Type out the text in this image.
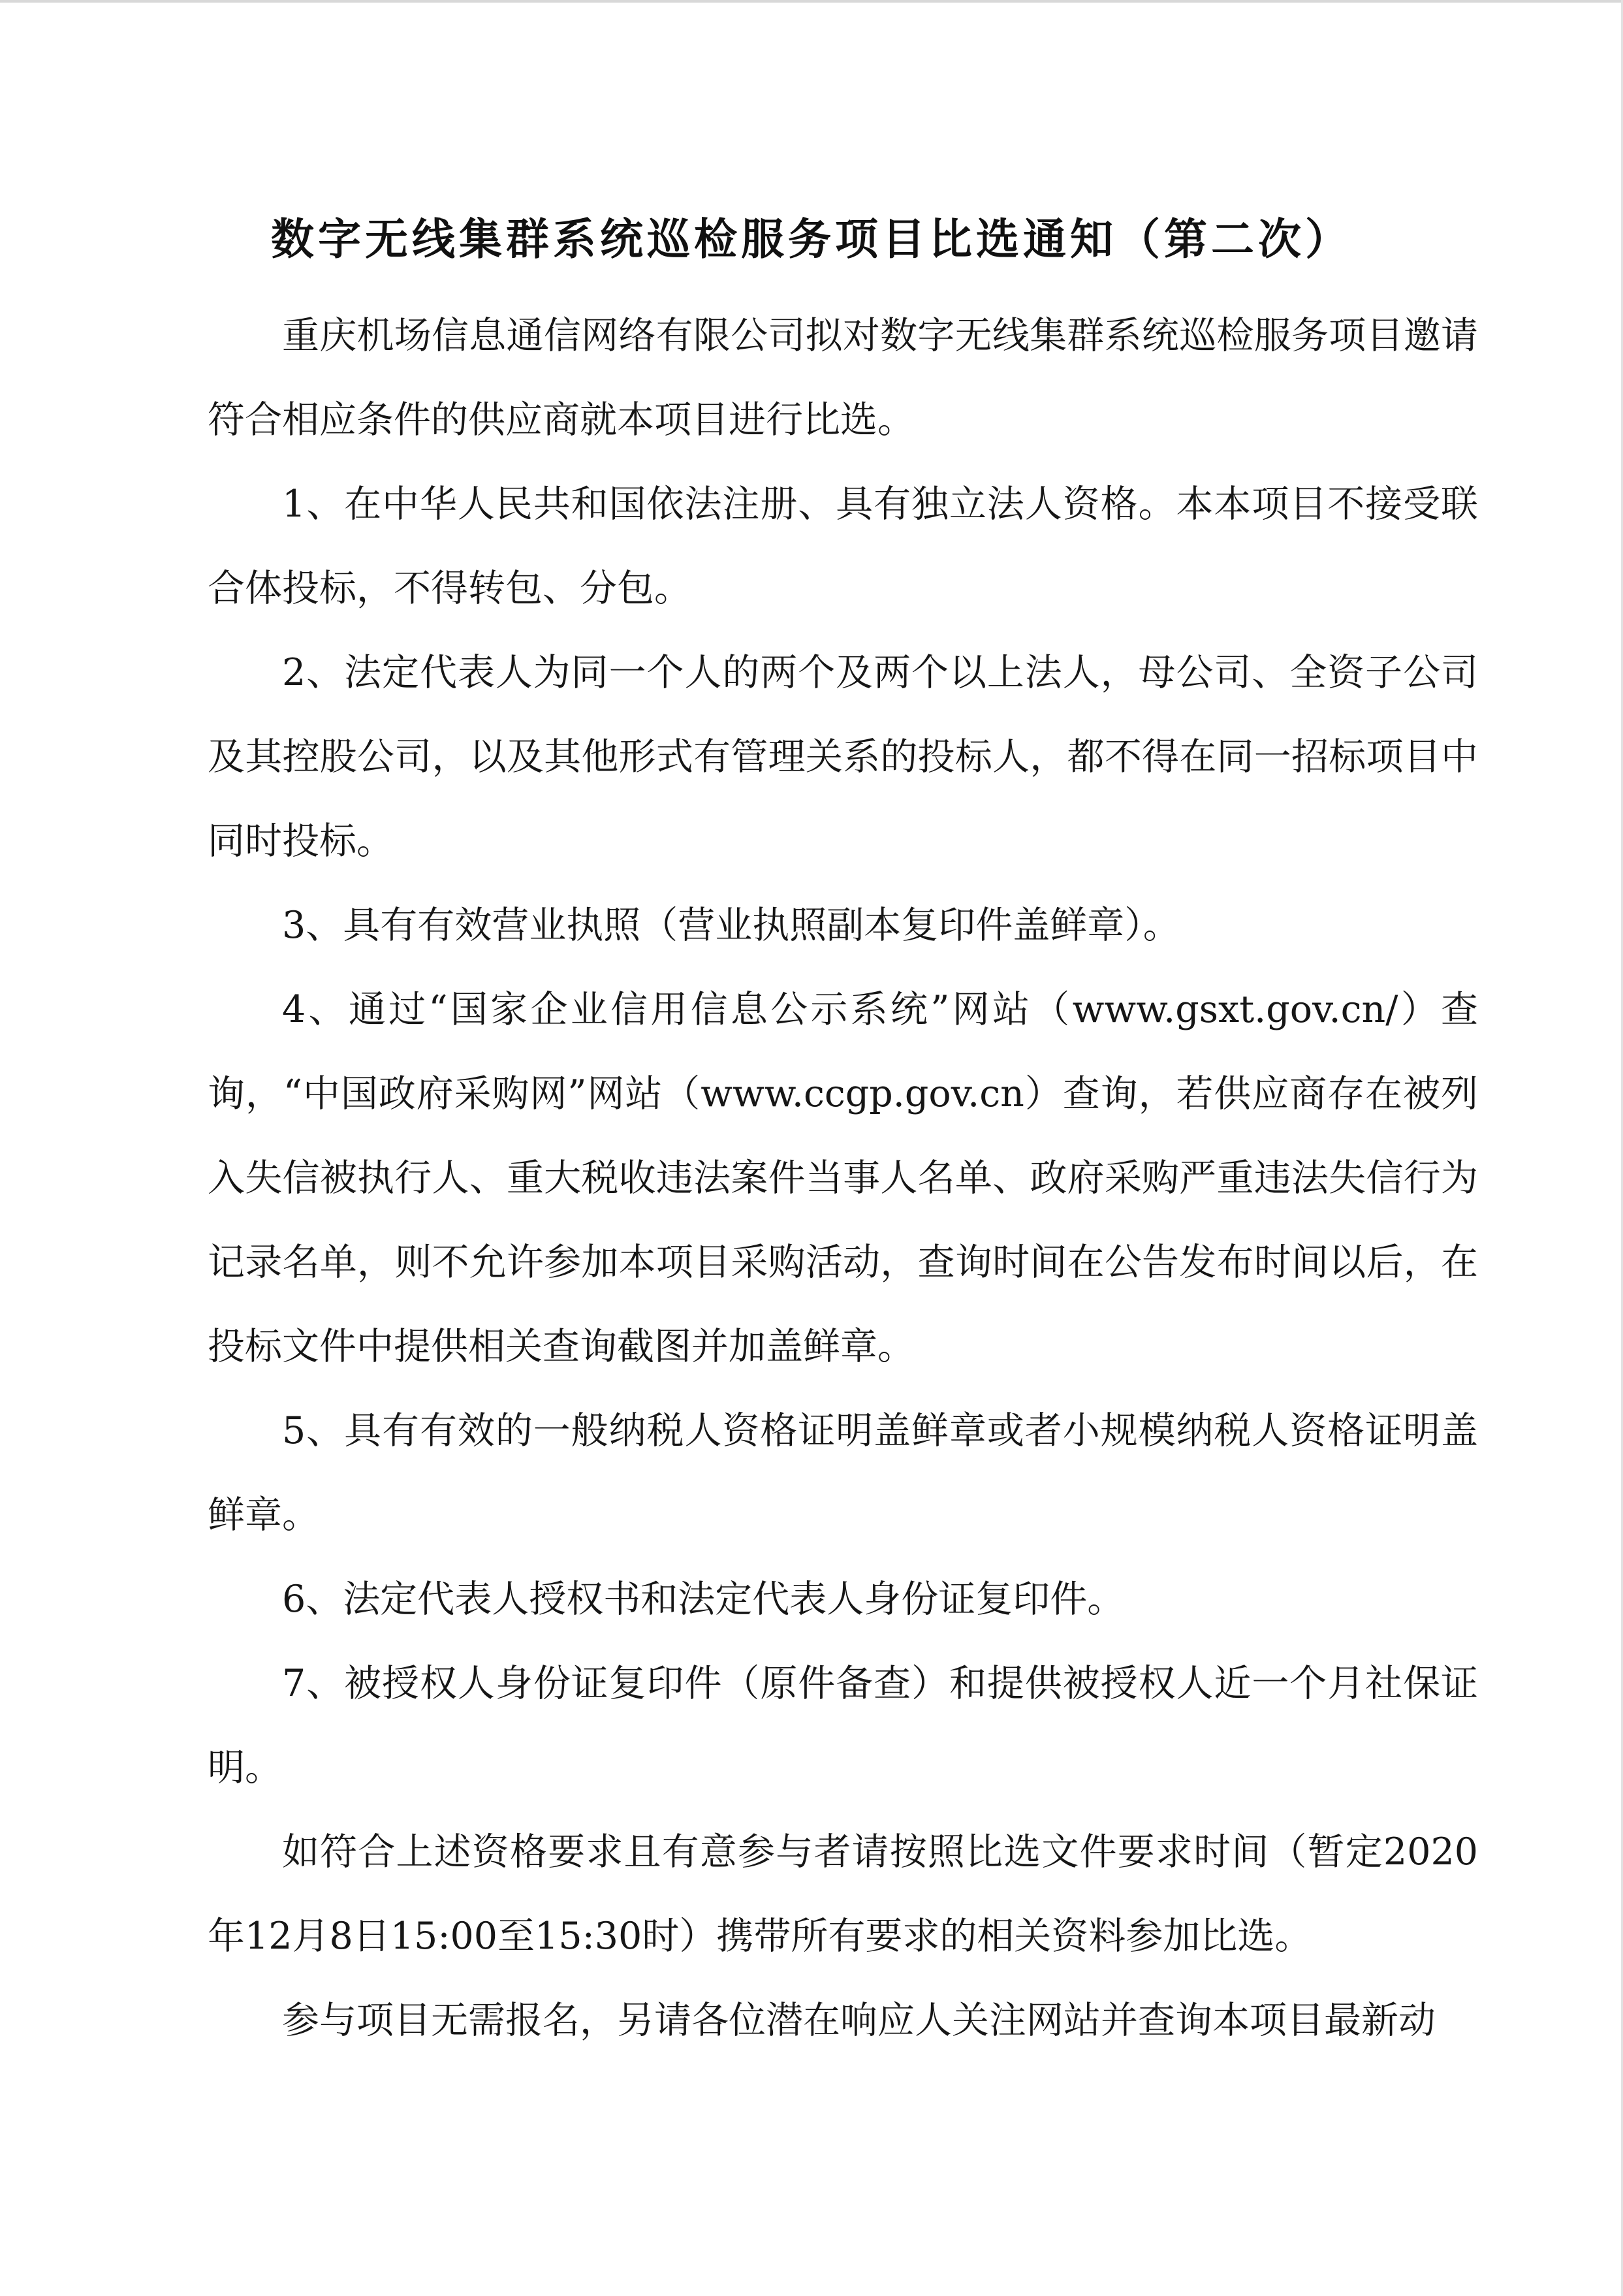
数字无线集群系统巡检服务项目比选通知（第二次）

重庆机场信息通信网络有限公司拟对数字无线集群系统巡检服务项目邀请符合相应条件的供应商就本项目进行比选。

1、在中华人民共和国依法注册、具有独立法人资格。本本项目不接受联合体投标，不得转包、分包。

2、法定代表人为同一个人的两个及两个以上法人，母公司、全资子公司及其控股公司，以及其他形式有管理关系的投标人，都不得在同一招标项目中同时投标。

3、具有有效营业执照（营业执照副本复印件盖鲜章）。

4、通过“国家企业信用信息公示系统”网站（www.gsxt.gov.cn/）查询，“中国政府采购网”网站（www.ccgp.gov.cn）查询，若供应商存在被列入失信被执行人、重大税收违法案件当事人名单、政府采购严重违法失信行为记录名单，则不允许参加本项目采购活动，查询时间在公告发布时间以后，在投标文件中提供相关查询截图并加盖鲜章。

5、具有有效的一般纳税人资格证明盖鲜章或者小规模纳税人资格证明盖鲜章。

6、法定代表人授权书和法定代表人身份证复印件。

7、被授权人身份证复印件（原件备查）和提供被授权人近一个月社保证明。

如符合上述资格要求且有意参与者请按照比选文件要求时间（暂定2020年12月8日15:00至15:30时）携带所有要求的相关资料参加比选。

参与项目无需报名，另请各位潜在响应人关注网站并查询本项目最新动
